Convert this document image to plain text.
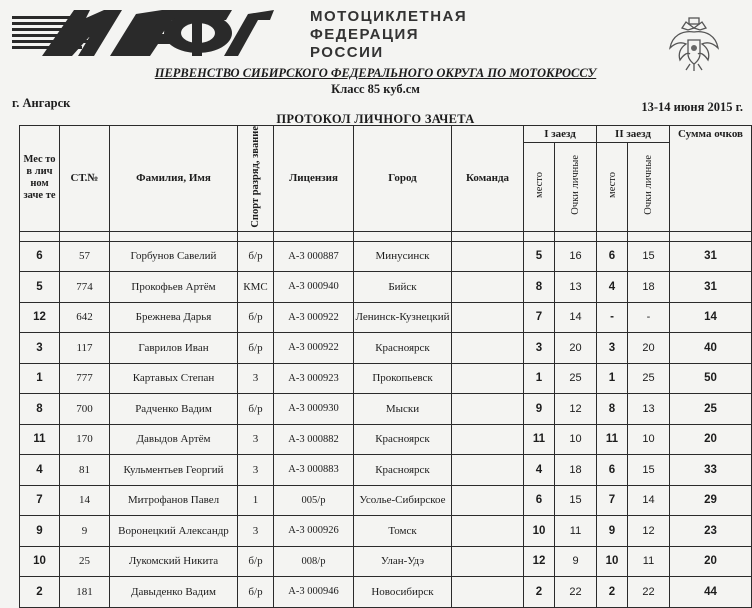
МОТОЦИКЛЕТНАЯ
ФЕДЕРАЦИЯ
РОССИИ
ПЕРВЕНСТВО СИБИРСКОГО ФЕДЕРАЛЬНОГО ОКРУГА ПО МОТОКРОССУ
Класс 85 куб.см
г. Ангарск	13-14 июня 2015 г.
ПРОТОКОЛ ЛИЧНОГО ЗАЧЕТА
Мес то в лич ном заче те	СТ.№	Фамилия, Имя	Спорт разряд, звание	Лицензия	Город	Команда	I заезд		II заезд		Сумма очков
							место	Очки личные	место	Очки личные	

6	57	Горбунов Савелий	б/р	А-3 000887	Минусинск		5	16	6	15	31
5	774	Прокофьев Артём	КМС	А-3 000940	Бийск		8	13	4	18	31
12	642	Брежнева Дарья	б/р	А-3 000922	Ленинск-Кузнецкий		7	14	-	-	14
3	117	Гаврилов Иван	б/р	А-3 000922	Красноярск		3	20	3	20	40
1	777	Картавых Степан	3	А-3 000923	Прокопьевск		1	25	1	25	50
8	700	Радченко Вадим	б/р	А-3 000930	Мыски		9	12	8	13	25
11	170	Давыдов Артём	3	А-3 000882	Красноярск		11	10	11	10	20
4	81	Кульментьев Георгий	3	А-3 000883	Красноярск		4	18	6	15	33
7	14	Митрофанов Павел	1	005/р	Усолье-Сибирское		6	15	7	14	29
9	9	Воронецкий Александр	3	А-3 000926	Томск		10	11	9	12	23
10	25	Лукомский Никита	б/р	008/р	Улан-Удэ		12	9	10	11	20
2	181	Давыденко Вадим	б/р	А-3 000946	Новосибирск		2	22	2	22	44
